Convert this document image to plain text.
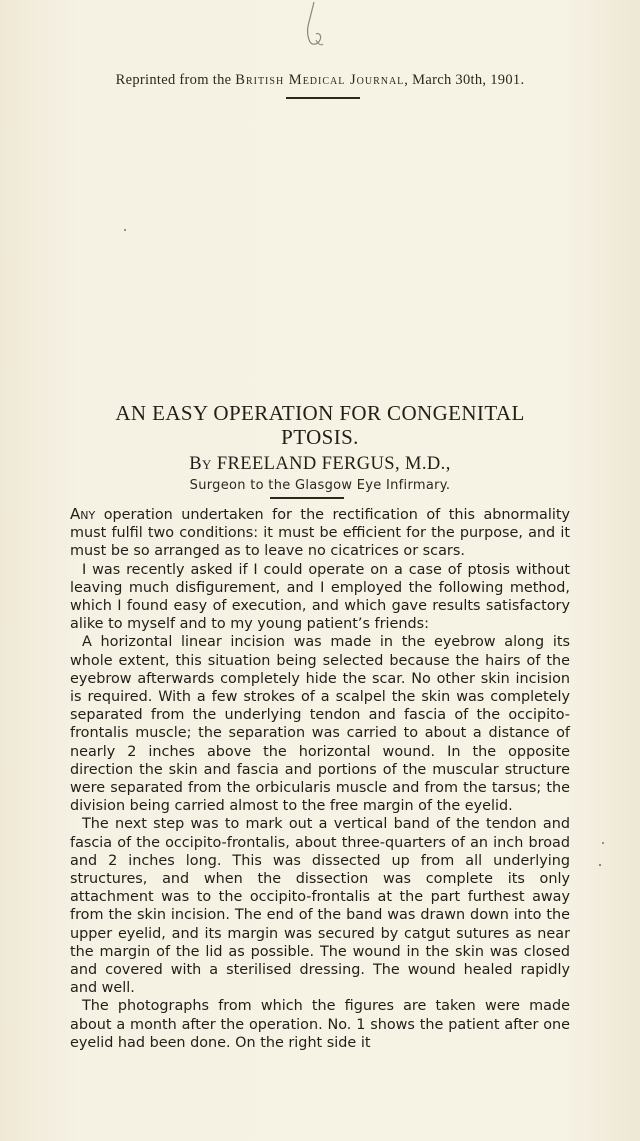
Reprinted from the British Medical Journal, March 30th, 1901.
AN EASY OPERATION FOR CONGENITAL
PTOSIS.
By FREELAND FERGUS, M.D.,
Surgeon to the Glasgow Eye Infirmary.

Any operation undertaken for the rectification of this abnormality must fulfil two conditions: it must be efficient for the purpose, and it must be so arranged as to leave no cicatrices or scars.

I was recently asked if I could operate on a case of ptosis without leaving much disfigurement, and I employed the following method, which I found easy of execution, and which gave results satisfactory alike to myself and to my young patient’s friends:

A horizontal linear incision was made in the eyebrow along its whole extent, this situation being selected because the hairs of the eyebrow afterwards completely hide the scar. No other skin incision is required. With a few strokes of a scalpel the skin was completely separated from the underlying tendon and fascia of the occipito-frontalis muscle; the separation was carried to about a distance of nearly 2 inches above the horizontal wound. In the opposite direction the skin and fascia and portions of the muscular structure were separated from the orbicularis muscle and from the tarsus; the division being carried almost to the free margin of the eyelid.

The next step was to mark out a vertical band of the tendon and fascia of the occipito-frontalis, about three-quarters of an inch broad and 2 inches long. This was dissected up from all underlying structures, and when the dissection was complete its only attachment was to the occipito-frontalis at the part furthest away from the skin incision. The end of the band was drawn down into the upper eyelid, and its margin was secured by catgut sutures as near the margin of the lid as possible. The wound in the skin was closed and covered with a sterilised dressing. The wound healed rapidly and well.

The photographs from which the figures are taken were made about a month after the operation. No. 1 shows the patient after one eyelid had been done. On the right side it
